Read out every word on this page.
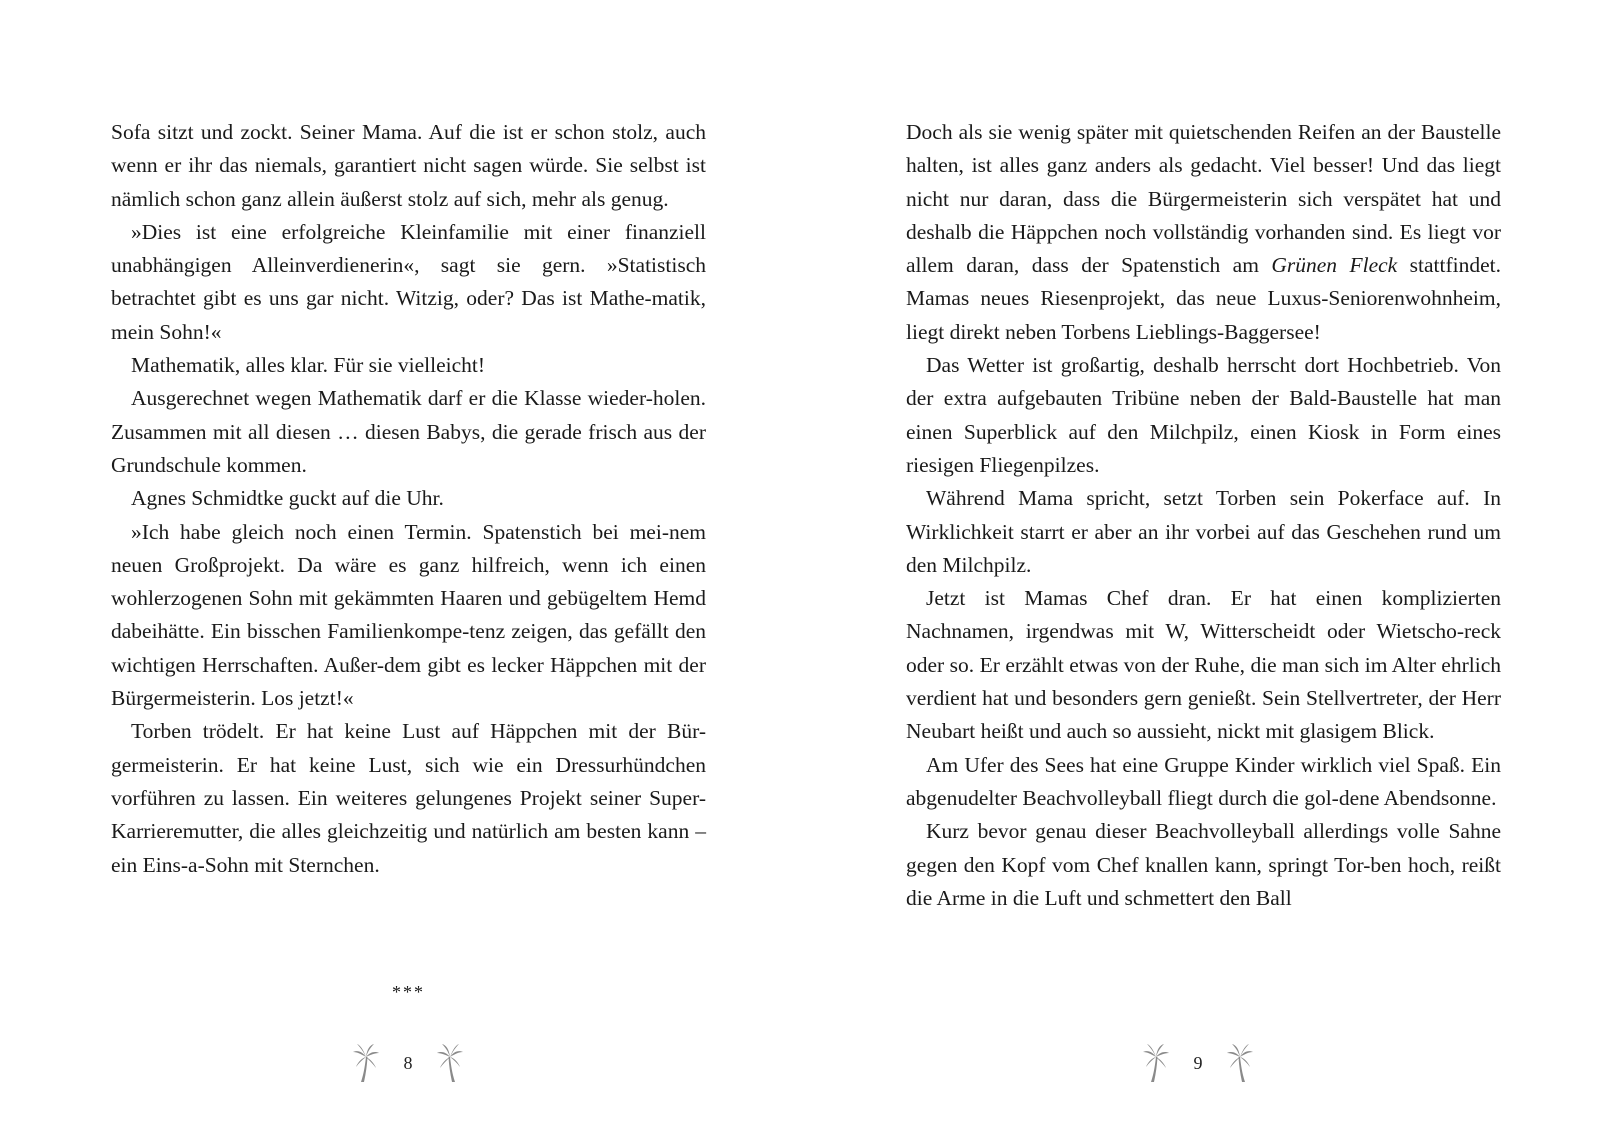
Sofa sitzt und zockt. Seiner Mama. Auf die ist er schon stolz, auch wenn er ihr das niemals, garantiert nicht sagen würde. Sie selbst ist nämlich schon ganz allein äußerst stolz auf sich, mehr als genug.

»Dies ist eine erfolgreiche Kleinfamilie mit einer finanziell unabhängigen Alleinverdienerin«, sagt sie gern. »Statistisch betrachtet gibt es uns gar nicht. Witzig, oder? Das ist Mathe-matik, mein Sohn!«

Mathematik, alles klar. Für sie vielleicht!

Ausgerechnet wegen Mathematik darf er die Klasse wieder-holen. Zusammen mit all diesen … diesen Babys, die gerade frisch aus der Grundschule kommen.

Agnes Schmidtke guckt auf die Uhr.

»Ich habe gleich noch einen Termin. Spatenstich bei mei-nem neuen Großprojekt. Da wäre es ganz hilfreich, wenn ich einen wohlerzogenen Sohn mit gekämmten Haaren und gebügeltem Hemd dabeihätte. Ein bisschen Familienkompe-tenz zeigen, das gefällt den wichtigen Herrschaften. Außer-dem gibt es lecker Häppchen mit der Bürgermeisterin. Los jetzt!«

Torben trödelt. Er hat keine Lust auf Häppchen mit der Bür-germeisterin. Er hat keine Lust, sich wie ein Dressurhündchen vorführen zu lassen. Ein weiteres gelungenes Projekt seiner Super-Karrieremutter, die alles gleichzeitig und natürlich am besten kann – ein Eins-a-Sohn mit Sternchen.

***
8

Doch als sie wenig später mit quietschenden Reifen an der Baustelle halten, ist alles ganz anders als gedacht. Viel besser! Und das liegt nicht nur daran, dass die Bürgermeisterin sich verspätet hat und deshalb die Häppchen noch vollständig vorhanden sind. Es liegt vor allem daran, dass der Spatenstich am Grünen Fleck stattfindet. Mamas neues Riesenprojekt, das neue Luxus-Seniorenwohnheim, liegt direkt neben Torbens Lieblings-Baggersee!

Das Wetter ist großartig, deshalb herrscht dort Hochbetrieb. Von der extra aufgebauten Tribüne neben der Bald-Baustelle hat man einen Superblick auf den Milchpilz, einen Kiosk in Form eines riesigen Fliegenpilzes.

Während Mama spricht, setzt Torben sein Pokerface auf. In Wirklichkeit starrt er aber an ihr vorbei auf das Geschehen rund um den Milchpilz.

Jetzt ist Mamas Chef dran. Er hat einen komplizierten Nachnamen, irgendwas mit W, Witterscheidt oder Wietscho-reck oder so. Er erzählt etwas von der Ruhe, die man sich im Alter ehrlich verdient hat und besonders gern genießt. Sein Stellvertreter, der Herr Neubart heißt und auch so aussieht, nickt mit glasigem Blick.

Am Ufer des Sees hat eine Gruppe Kinder wirklich viel Spaß. Ein abgenudelter Beachvolleyball fliegt durch die gol-dene Abendsonne.

Kurz bevor genau dieser Beachvolleyball allerdings volle Sahne gegen den Kopf vom Chef knallen kann, springt Tor-ben hoch, reißt die Arme in die Luft und schmettert den Ball

9
